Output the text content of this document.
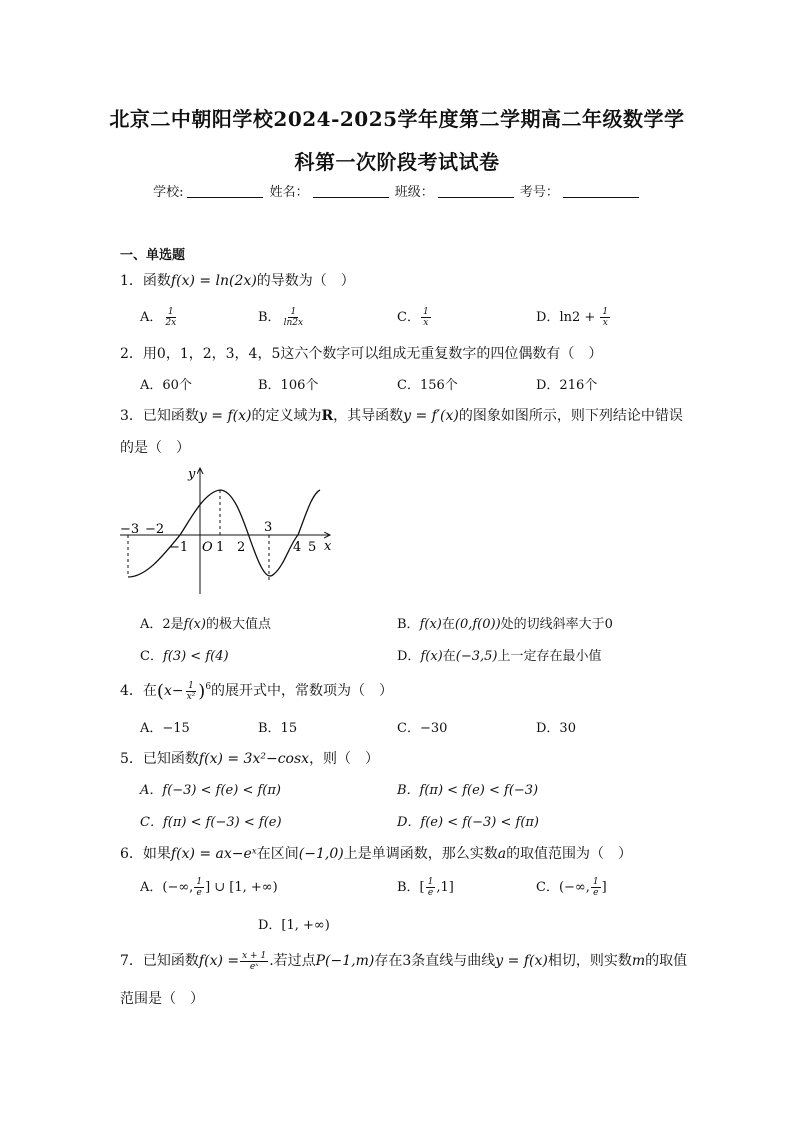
北京二中朝阳学校2024-2025学年度第二学期高二年级数学学
科第一次阶段考试试卷
学校:	姓名：	班级：	考号：
一、单选题
1．函数f(x) = ln(2x)的导数为（　）
A． $\frac{1}{2x}$	B． $\frac{1}{\ln 2x}$	C． $\frac{1}{x}$	D．$\ln 2 + \frac{1}{x}$
2．用0，1，2，3，4，5这六个数字可以组成无重复数字的四位偶数有（　）
A．60个	B．106个	C．156个	D．216个
3．已知函数y = f(x)的定义域为R，其导函数y = f′(x)的图象如图所示，则下列结论中错误
的是（　）
y
x
O
−3 −2
−1 1 2
3
4 5
A．2是f(x)的极大值点	B．f(x)在(0,f(0))处的切线斜率大于0
C．f(3) < f(4)	D．f(x)在(−3,5)上一定存在最小值
4．在$(x- \frac{1}{\text{x²}} )^6$的展开式中，常数项为（　）
A．−15	B．15	C．−30	D．30
5．已知函数f(x) = 3x²−cosx，则（　）
A．f(−3) < f(e) < f(π)	B．f(π) < f(e) < f(−3)
C．f(π) < f(−3) < f(e)	D．f(e) < f(−3) < f(π)
6．如果f(x) = ax−eˣ在区间(−1,0)上是单调函数，那么实数a的取值范围为（　）
A．(−∞, $\frac{1}{e}$ ] ∪ [1, +∞)	B．[ $\frac{1}{e} ,1$]	C．(−∞, $\frac{1}{e}$ ]
D．[1, +∞)
7．已知函数$f(x) = \frac{x + 1}{\text{eˣ}}$ .若过点P(−1,m)存在3条直线与曲线y = f(x)相切，则实数m的取值
范围是（　）
